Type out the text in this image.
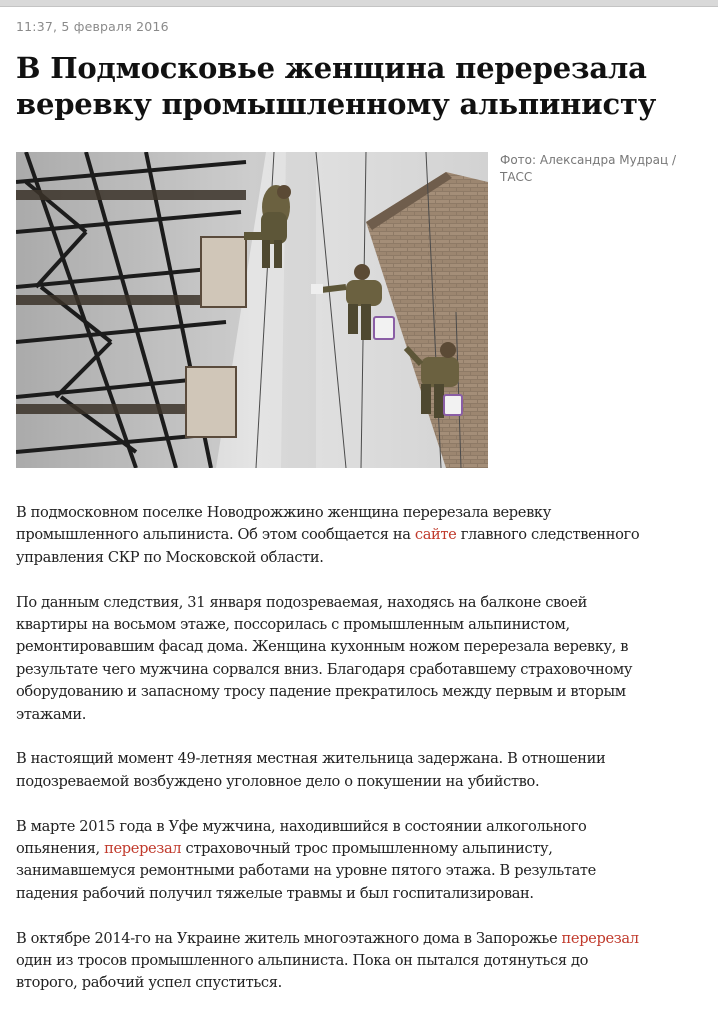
11:37, 5 февраля 2016
В Подмосковье женщина перерезала
веревку промышленному альпинисту
Фото: Александра Мудрац /
ТАСС

В подмосковном поселке Новодрожжино женщина перерезала веревку
промышленного альпиниста. Об этом сообщается на сайте главного следственного
управления СКР по Московской области.

По данным следствия, 31 января подозреваемая, находясь на балконе своей
квартиры на восьмом этаже, поссорилась с промышленным альпинистом,
ремонтировавшим фасад дома. Женщина кухонным ножом перерезала веревку, в
результате чего мужчина сорвался вниз. Благодаря сработавшему страховочному
оборудованию и запасному тросу падение прекратилось между первым и вторым
этажами.

В настоящий момент 49-летняя местная жительница задержана. В отношении
подозреваемой возбуждено уголовное дело о покушении на убийство.

В марте 2015 года в Уфе мужчина, находившийся в состоянии алкогольного
опьянения, перерезал страховочный трос промышленному альпинисту,
занимавшемуся ремонтными работами на уровне пятого этажа. В результате
падения рабочий получил тяжелые травмы и был госпитализирован.

В октябре 2014-го на Украине житель многоэтажного дома в Запорожье перерезал
один из тросов промышленного альпиниста. Пока он пытался дотянуться до
второго, рабочий успел спуститься.
